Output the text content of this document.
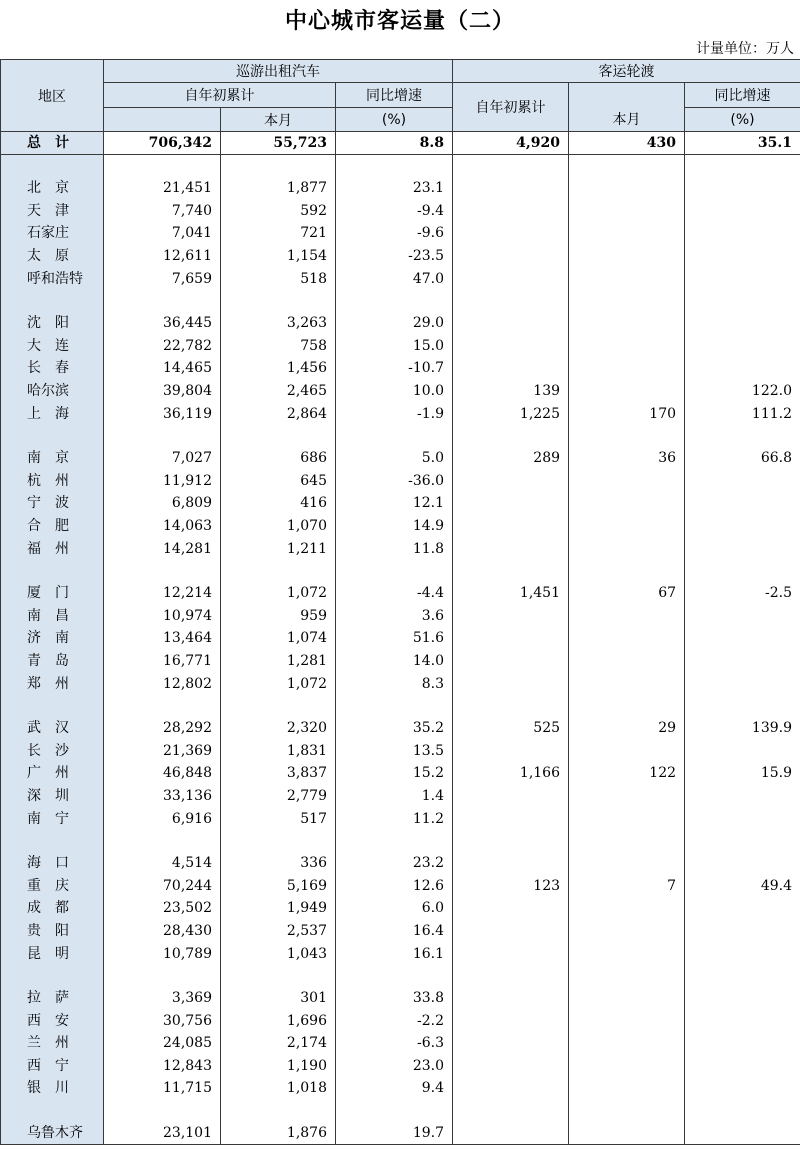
中心城市客运量（二）
计量单位：万人
地区	巡游出租汽车			客运轮渡		
	自年初累计		同比增速	自年初累计	本月	同比增速
		本月	(%)			(%)
总　计	706,342	55,723	8.8	4,920	430	35.1

北　京	21,451	1,877	23.1			
天　津	7,740	592	-9.4			
石家庄	7,041	721	-9.6			
太　原	12,611	1,154	-23.5			
呼和浩特	7,659	518	47.0			

沈　阳	36,445	3,263	29.0			
大　连	22,782	758	15.0			
长　春	14,465	1,456	-10.7			
哈尔滨	39,804	2,465	10.0	139		122.0
上　海	36,119	2,864	-1.9	1,225	170	111.2

南　京	7,027	686	5.0	289	36	66.8
杭　州	11,912	645	-36.0			
宁　波	6,809	416	12.1			
合　肥	14,063	1,070	14.9			
福　州	14,281	1,211	11.8			

厦　门	12,214	1,072	-4.4	1,451	67	-2.5
南　昌	10,974	959	3.6			
济　南	13,464	1,074	51.6			
青　岛	16,771	1,281	14.0			
郑　州	12,802	1,072	8.3			

武　汉	28,292	2,320	35.2	525	29	139.9
长　沙	21,369	1,831	13.5			
广　州	46,848	3,837	15.2	1,166	122	15.9
深　圳	33,136	2,779	1.4			
南　宁	6,916	517	11.2			

海　口	4,514	336	23.2			
重　庆	70,244	5,169	12.6	123	7	49.4
成　都	23,502	1,949	6.0			
贵　阳	28,430	2,537	16.4			
昆　明	10,789	1,043	16.1			

拉　萨	3,369	301	33.8			
西　安	30,756	1,696	-2.2			
兰　州	24,085	2,174	-6.3			
西　宁	12,843	1,190	23.0			
银　川	11,715	1,018	9.4			

乌鲁木齐	23,101	1,876	19.7			
